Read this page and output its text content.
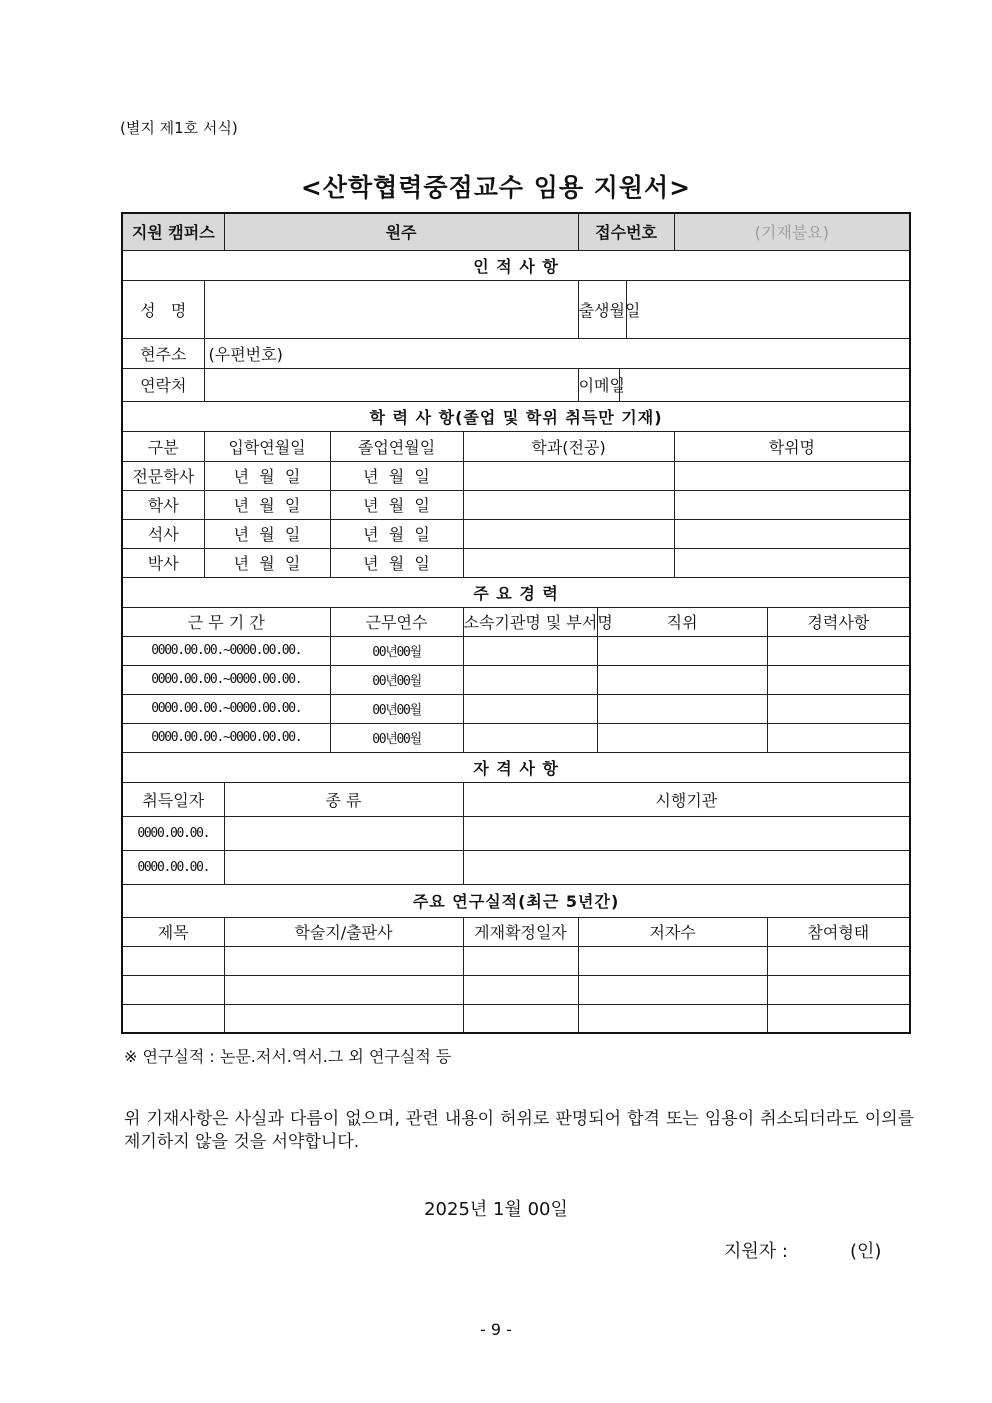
(별지 제1호 서식)
<산학협력중점교수 임용 지원서>
지원 캠퍼스		원주			접수번호				(기재불요)	
인 적 사 항										
성   명					출생월일					
현주소	(우편번호)									
연락처					이메일					
학 력 사 항(졸업 및 학위 취득만 기재)										
구분	입학연월일		졸업연월일	학과(전공)					학위명	
전문학사	년  월  일		년  월  일							
학사	년  월  일		년  월  일							
석사	년  월  일		년  월  일							
박사	년  월  일		년  월  일							
주 요 경 력										
근 무 기 간			근무연수	소속기관명 및 부서명		직위				경력사항
0000.00.00.~0000.00.00.			00년00월							
0000.00.00.~0000.00.00.			00년00월							
0000.00.00.~0000.00.00.			00년00월							
0000.00.00.~0000.00.00.			00년00월							
자 격 사 항										
취득일자		종 류		시행기관						
0000.00.00.										
0000.00.00.										
주요 연구실적(최근 5년간)										
제목		학술지/출판사		게재확정일자	저자수					참여형태

※ 연구실적 : 논문.저서.역서.그 외 연구실적 등
위 기재사항은 사실과 다름이 없으며, 관련 내용이 허위로 판명되어 합격 또는 임용이 취소되더라도 이의를 제기하지 않을 것을 서약합니다.
2025년 1월 00일
지원자 :	(인)
- 9 -
